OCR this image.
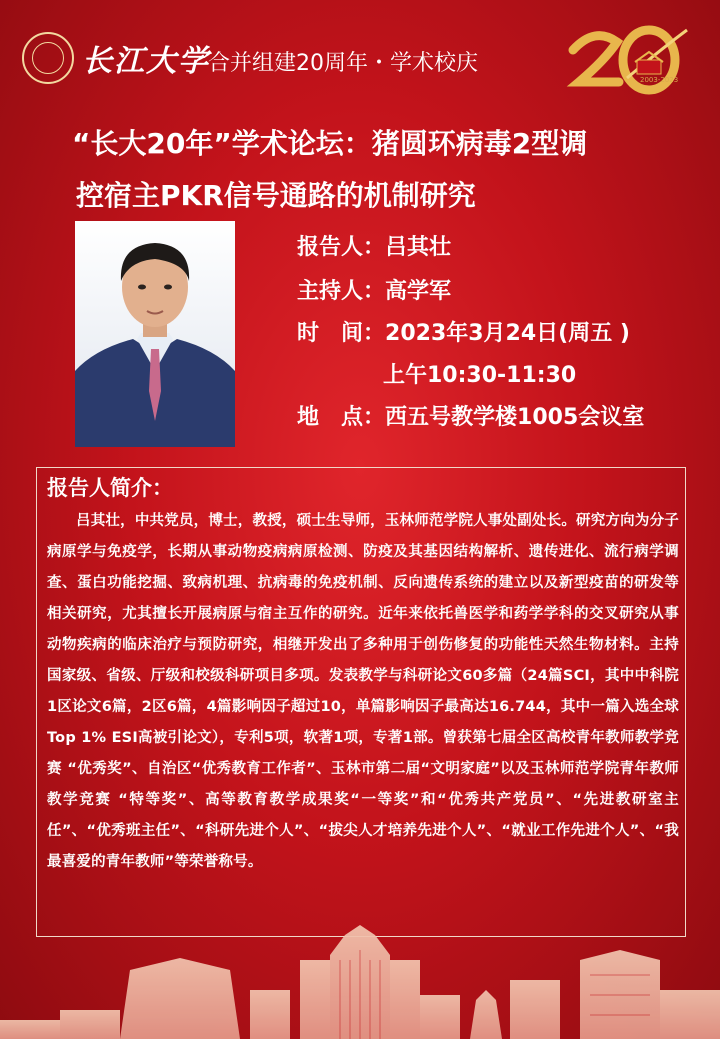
长江大学
合并组建20周年・学术校庆
2003-2023
“长大20年”学术论坛：猪圆环病毒2型调
控宿主PKR信号通路的机制研究
报告人：吕其壮
主持人：高学军
时　间：2023年3月24日(周五 )
上午10:30-11:30
地　点：西五号教学楼1005会议室
报告人简介：
吕其壮，中共党员，博士，教授，硕士生导师，玉林师范学院人事处副处长。研究方向为分子病原学与免疫学，长期从事动物疫病病原检测、防疫及其基因结构解析、遗传进化、流行病学调查、蛋白功能挖掘、致病机理、抗病毒的免疫机制、反向遗传系统的建立以及新型疫苗的研发等相关研究，尤其擅长开展病原与宿主互作的研究。近年来依托兽医学和药学学科的交叉研究从事动物疾病的临床治疗与预防研究，相继开发出了多种用于创伤修复的功能性天然生物材料。主持国家级、省级、厅级和校级科研项目多项。发表教学与科研论文60多篇（24篇SCI，其中中科院1区论文6篇，2区6篇，4篇影响因子超过10，单篇影响因子最高达16.744，其中一篇入选全球Top 1% ESI高被引论文），专利5项，软著1项，专著1部。曾获第七届全区高校青年教师教学竞赛 “优秀奖”、自治区“优秀教育工作者”、玉林市第二届“文明家庭”以及玉林师范学院青年教师教学竞赛 “特等奖”、高等教育教学成果奖“一等奖”和“优秀共产党员”、“先进教研室主任”、“优秀班主任”、“科研先进个人”、“拔尖人才培养先进个人”、“就业工作先进个人”、“我最喜爱的青年教师”等荣誉称号。
